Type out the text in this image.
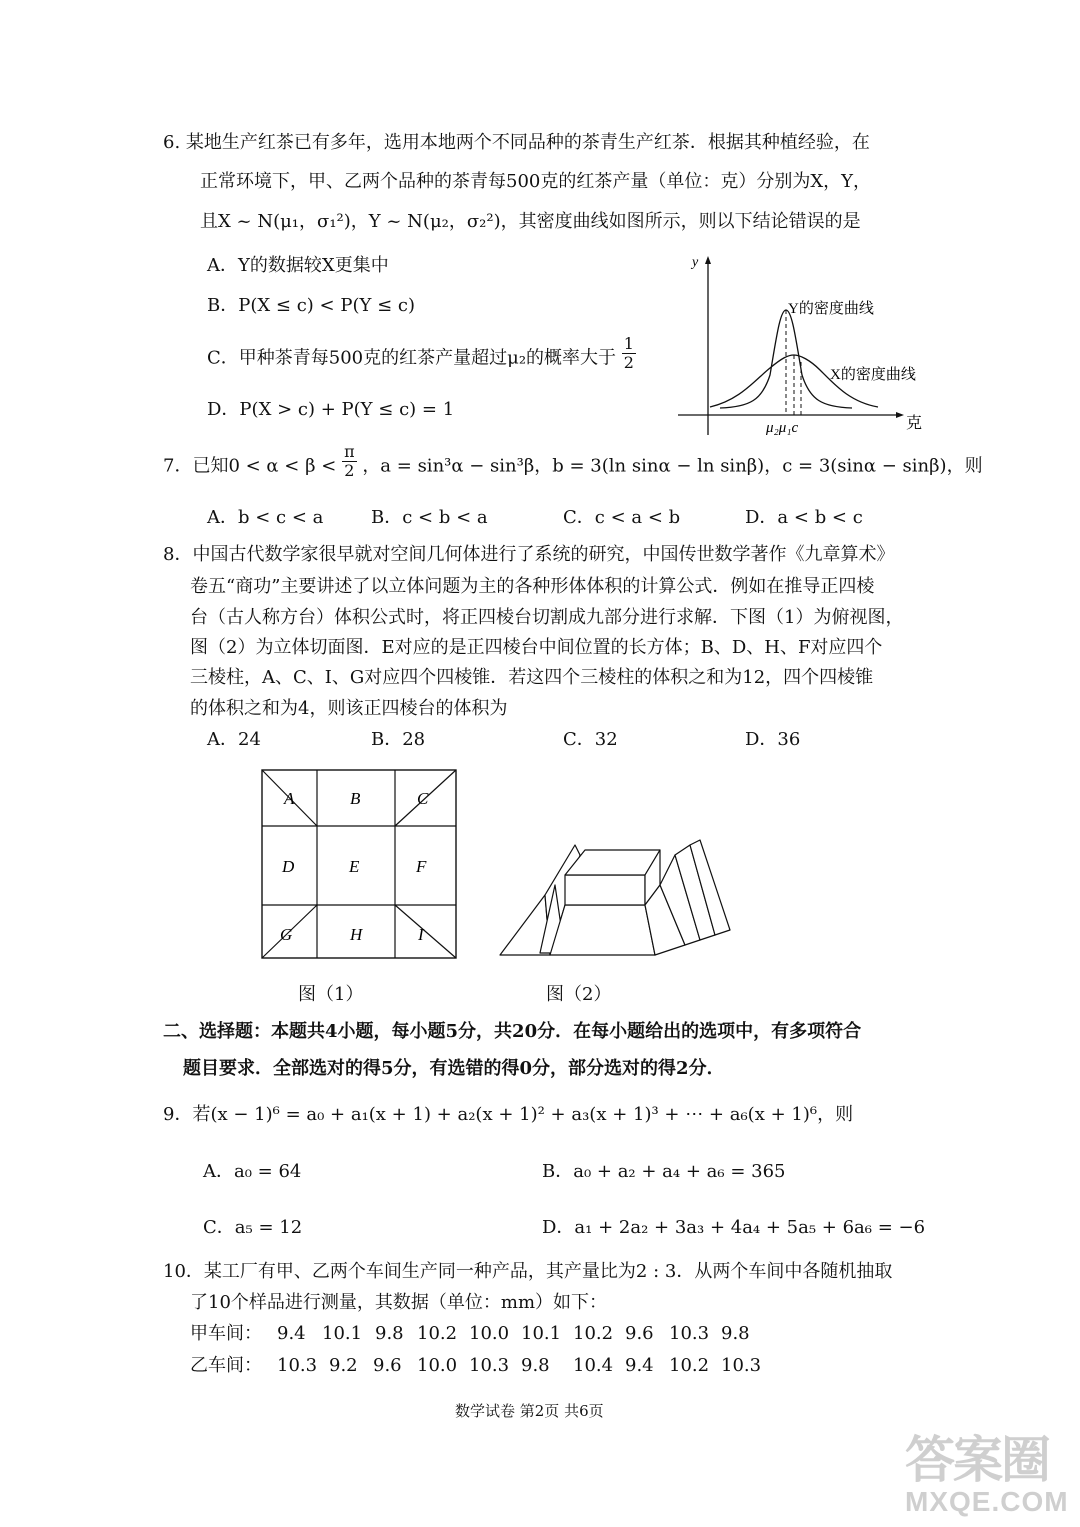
6. 某地生产红茶已有多年，选用本地两个不同品种的茶青生产红茶．根据其种植经验，在
正常环境下，甲、乙两个品种的茶青每500克的红茶产量（单位：克）分别为X，Y，
且X ~ N(μ₁，σ₁²)，Y ~ N(μ₂，σ₂²)，其密度曲线如图所示，则以下结论错误的是
A．Y的数据较X更集中
B．P(X ≤ c) < P(Y ≤ c)
C．甲种茶青每500克的红茶产量超过μ₂的概率大于 $\frac{1}{2}$
D．P(X > c) + P(Y ≤ c) = 1
y
克
Y的密度曲线
X的密度曲线
μ₂μ₁c
7．已知$0 < \alpha < \beta < \frac{\pi}{2}$ ，a = sin³α − sin³β，b = 3(ln sinα − ln sinβ)，c = 3(sinα − sinβ)，则
A．b < c < a	B．c < b < a	C．c < a < b	D．a < b < c
8．中国古代数学家很早就对空间几何体进行了系统的研究，中国传世数学著作《九章算术》
卷五“商功”主要讲述了以立体问题为主的各种形体体积的计算公式．例如在推导正四棱
台（古人称方台）体积公式时，将正四棱台切割成九部分进行求解．下图（1）为俯视图，
图（2）为立体切面图．E对应的是正四棱台中间位置的长方体；B、D、H、F对应四个
三棱柱，A、C、I、G对应四个四棱锥．若这四个三棱柱的体积之和为12，四个四棱锥
的体积之和为4，则该正四棱台的体积为
A．24	B．28	C．32	D．36
A	B	C
D	E	F
G	H	I
图（1）	图（2）
二、选择题：本题共4小题，每小题5分，共20分．在每小题给出的选项中，有多项符合
题目要求．全部选对的得5分，有选错的得0分，部分选对的得2分．
9．若(x − 1)⁶ = a₀ + a₁(x + 1) + a₂(x + 1)² + a₃(x + 1)³ + ⋯ + a₆(x + 1)⁶，则
A．a₀ = 64	B．a₀ + a₂ + a₄ + a₆ = 365
C．a₅ = 12	D．a₁ + 2a₂ + 3a₃ + 4a₄ + 5a₅ + 6a₆ = −6
10．某工厂有甲、乙两个车间生产同一种产品，其产量比为2 : 3．从两个车间中各随机抽取
了10个样品进行测量，其数据（单位：mm）如下：
甲车间： 9.4 10.1 9.8 10.2 10.0 10.1 10.2 9.6 10.3 9.8
乙车间： 10.3 9.2 9.6 10.0 10.3 9.8 10.4 9.4 10.2 10.3
数学试卷 第2页 共6页
答案圈
MXQE.COM
